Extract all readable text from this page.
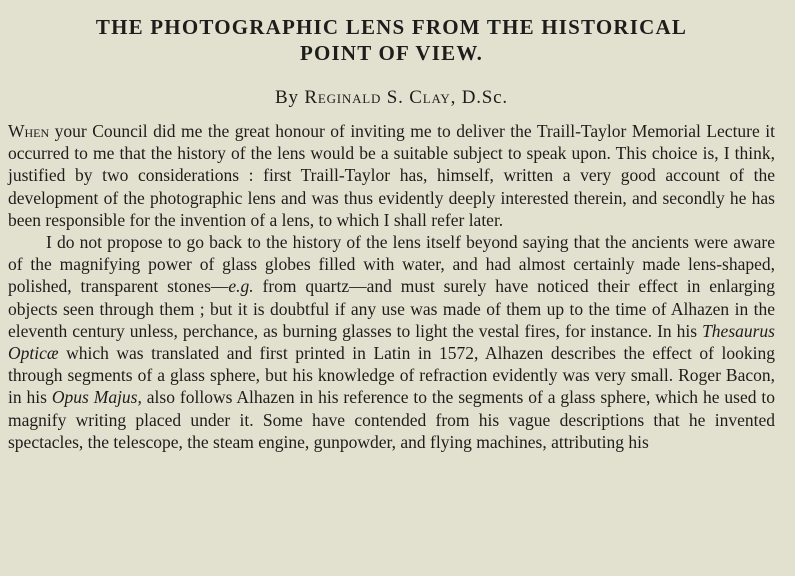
THE PHOTOGRAPHIC LENS FROM THE HISTORICAL
POINT OF VIEW.
By Reginald S. Clay, D.Sc.

When your Council did me the great honour of inviting me to deliver the Traill-Taylor Memorial Lecture it occurred to me that the history of the lens would be a suitable subject to speak upon. This choice is, I think, justified by two considerations : first Traill-Taylor has, himself, written a very good account of the development of the photographic lens and was thus evidently deeply interested therein, and secondly he has been responsible for the invention of a lens, to which I shall refer later.

I do not propose to go back to the history of the lens itself beyond saying that the ancients were aware of the magnifying power of glass globes filled with water, and had almost certainly made lens-shaped, polished, transparent stones—e.g. from quartz—and must surely have noticed their effect in enlarging objects seen through them ; but it is doubtful if any use was made of them up to the time of Alhazen in the eleventh century unless, perchance, as burning glasses to light the vestal fires, for instance. In his Thesaurus Opticæ which was translated and first printed in Latin in 1572, Alhazen describes the effect of looking through segments of a glass sphere, but his knowledge of refraction evidently was very small. Roger Bacon, in his Opus Majus, also follows Alhazen in his reference to the segments of a glass sphere, which he used to magnify writing placed under it. Some have contended from his vague descriptions that he invented spectacles, the telescope, the steam engine, gunpowder, and flying machines, attributing his
